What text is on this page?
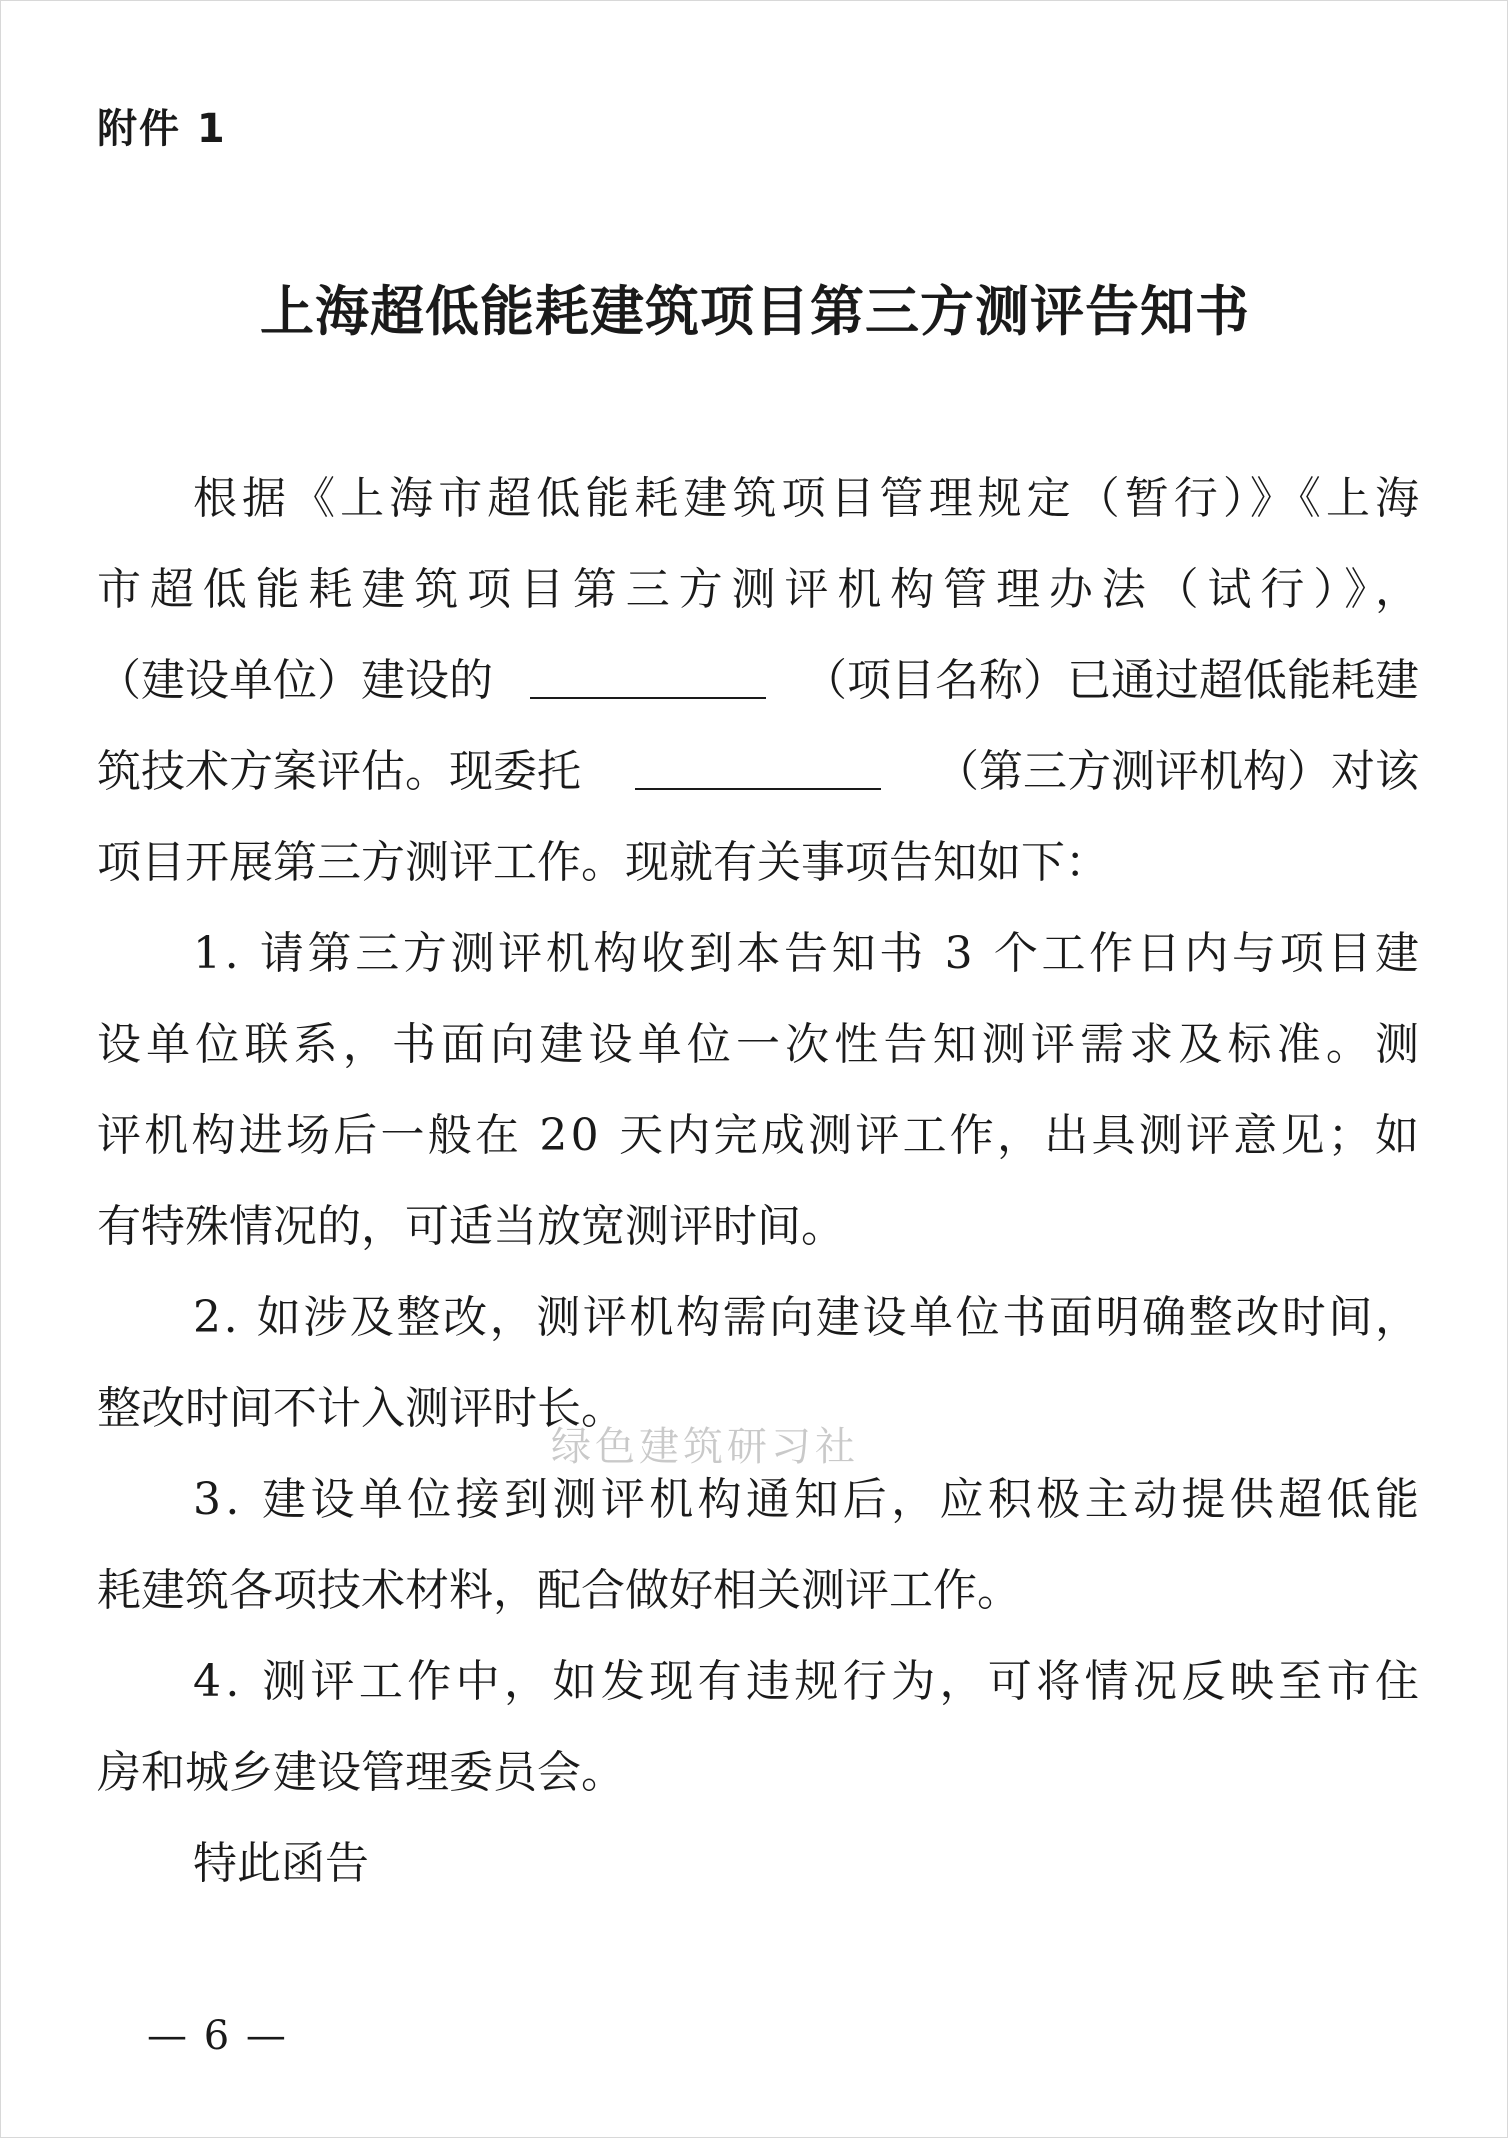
附件 1
上海超低能耗建筑项目第三方测评告知书
根据《上海市超低能耗建筑项目管理规定（暂行）》《上海
市超低能耗建筑项目第三方测评机构管理办法（试行）》，
（建设单位）建设的	（项目名称）已通过超低能耗建
筑技术方案评估。现委托	（第三方测评机构）对该
项目开展第三方测评工作。现就有关事项告知如下：
1. 请第三方测评机构收到本告知书 3 个工作日内与项目建
设单位联系，书面向建设单位一次性告知测评需求及标准。测
评机构进场后一般在 20 天内完成测评工作，出具测评意见；如
有特殊情况的，可适当放宽测评时间。
2. 如涉及整改，测评机构需向建设单位书面明确整改时间，
整改时间不计入测评时长。
3. 建设单位接到测评机构通知后，应积极主动提供超低能
耗建筑各项技术材料，配合做好相关测评工作。
4. 测评工作中，如发现有违规行为，可将情况反映至市住
房和城乡建设管理委员会。
特此函告
绿色建筑研习社
— 6 —
